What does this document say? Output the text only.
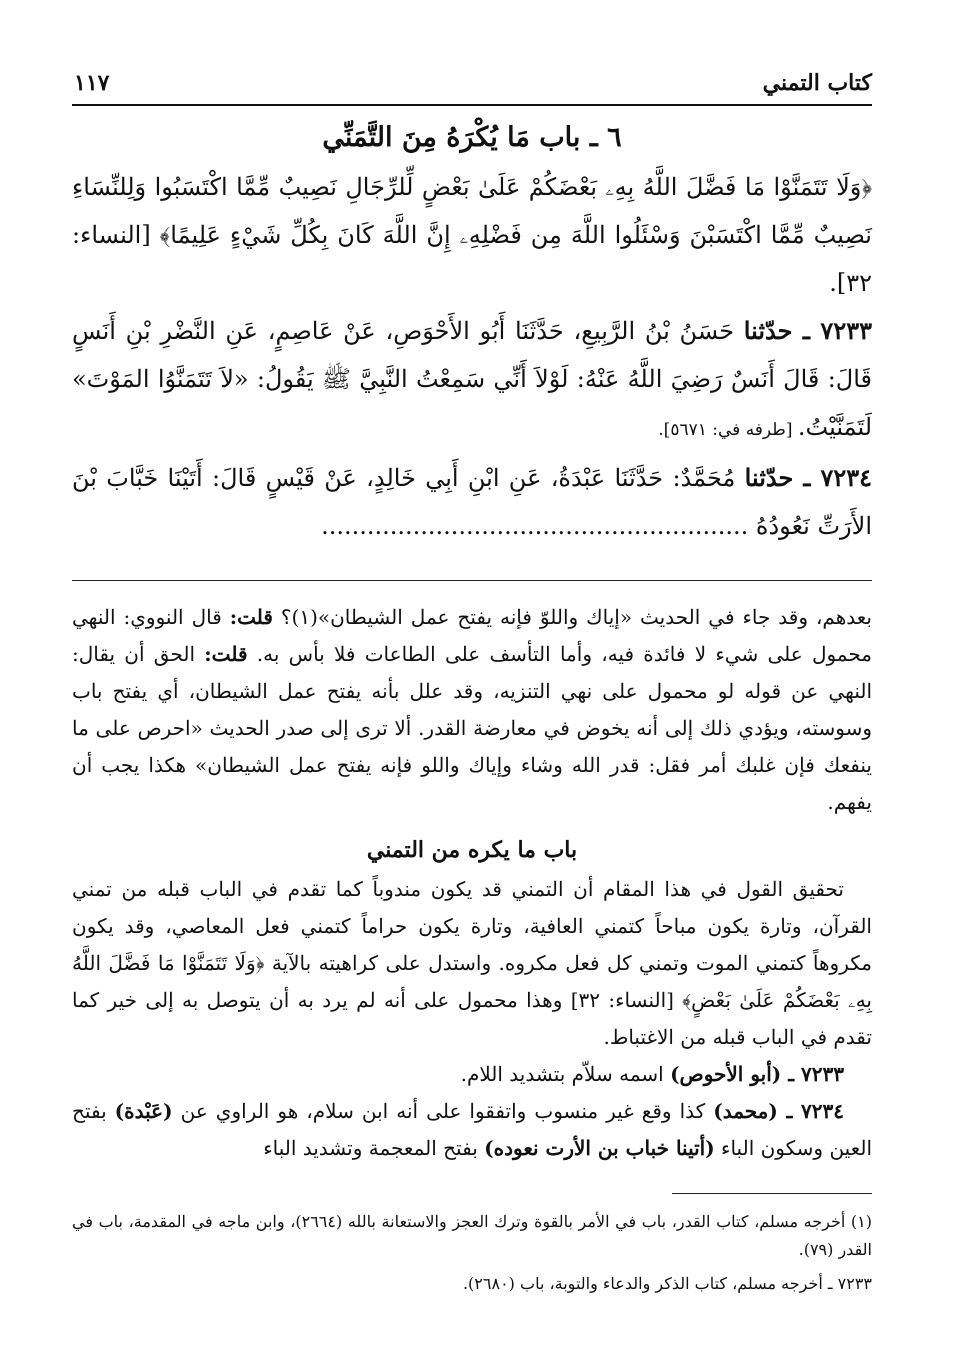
كتاب التمني
١١٧
٦ ـ باب مَا يُكْرَهُ مِنَ التَّمَنِّي

﴿وَلَا تَتَمَنَّوْا مَا فَضَّلَ اللَّهُ بِهِۦ بَعْضَكُمْ عَلَىٰ بَعْضٍ لِّلرِّجَالِ نَصِيبٌ مِّمَّا اكْتَسَبُوا وَلِلنِّسَاءِ نَصِيبٌ مِّمَّا اكْتَسَبْنَ وَسْئَلُوا اللَّهَ مِن فَضْلِهِۦ إِنَّ اللَّهَ كَانَ بِكُلِّ شَيْءٍ عَلِيمًا﴾ [النساء: ٣٢].

٧٢٣٣ ـ حدّثنا حَسَنُ بْنُ الرَّبِيعِ، حَدَّثَنَا أَبُو الأَحْوَصِ، عَنْ عَاصِمٍ، عَنِ النَّضْرِ بْنِ أَنَسٍ قَالَ: قَالَ أَنَسٌ رَضِيَ اللَّهُ عَنْهُ: لَوْلاَ أَنِّي سَمِعْتُ النَّبِيَّ ﷺ يَقُولُ: «لاَ تَتَمَنَّوُا المَوْتَ» لَتَمَنَّيْتُ. [طرفه في: ٥٦٧١].

٧٢٣٤ ـ حدّثنا مُحَمَّدٌ: حَدَّثَنَا عَبْدَةُ، عَنِ ابْنِ أَبِي خَالِدٍ، عَنْ قَيْسٍ قَالَ: أَتَيْنَا خَبَّابَ بْنَ الأَرَتِّ نَعُودُهُ ........................................................

بعدهم، وقد جاء في الحديث «إياك واللوّ فإنه يفتح عمل الشيطان»(١)؟ قلت: قال النووي: النهي محمول على شيء لا فائدة فيه، وأما التأسف على الطاعات فلا بأس به. قلت: الحق أن يقال: النهي عن قوله لو محمول على نهي التنزيه، وقد علل بأنه يفتح عمل الشيطان، أي يفتح باب وسوسته، ويؤدي ذلك إلى أنه يخوض في معارضة القدر. ألا ترى إلى صدر الحديث «احرص على ما ينفعك فإن غلبك أمر فقل: قدر الله وشاء وإياك واللو فإنه يفتح عمل الشيطان» هكذا يجب أن يفهم.

باب ما يكره من التمني

تحقيق القول في هذا المقام أن التمني قد يكون مندوباً كما تقدم في الباب قبله من تمني القرآن، وتارة يكون مباحاً كتمني العافية، وتارة يكون حراماً كتمني فعل المعاصي، وقد يكون مكروهاً كتمني الموت وتمني كل فعل مكروه. واستدل على كراهيته بالآية ﴿وَلَا تَتَمَنَّوْا مَا فَضَّلَ اللَّهُ بِهِۦ بَعْضَكُمْ عَلَىٰ بَعْضٍ﴾ [النساء: ٣٢] وهذا محمول على أنه لم يرد به أن يتوصل به إلى خير كما تقدم في الباب قبله من الاغتباط.

٧٢٣٣ ـ (أبو الأحوص) اسمه سلاّم بتشديد اللام.

٧٢٣٤ ـ (محمد) كذا وقع غير منسوب واتفقوا على أنه ابن سلام، هو الراوي عن (عَبْدة) بفتح العين وسكون الباء (أتينا خباب بن الأرت نعوده) بفتح المعجمة وتشديد الباء

(١) أخرجه مسلم، كتاب القدر، باب في الأمر بالقوة وترك العجز والاستعانة بالله (٢٦٦٤)، وابن ماجه في المقدمة، باب في القدر (٧٩).

٧٢٣٣ ـ أخرجه مسلم، كتاب الذكر والدعاء والتوبة، باب (٢٦٨٠).
